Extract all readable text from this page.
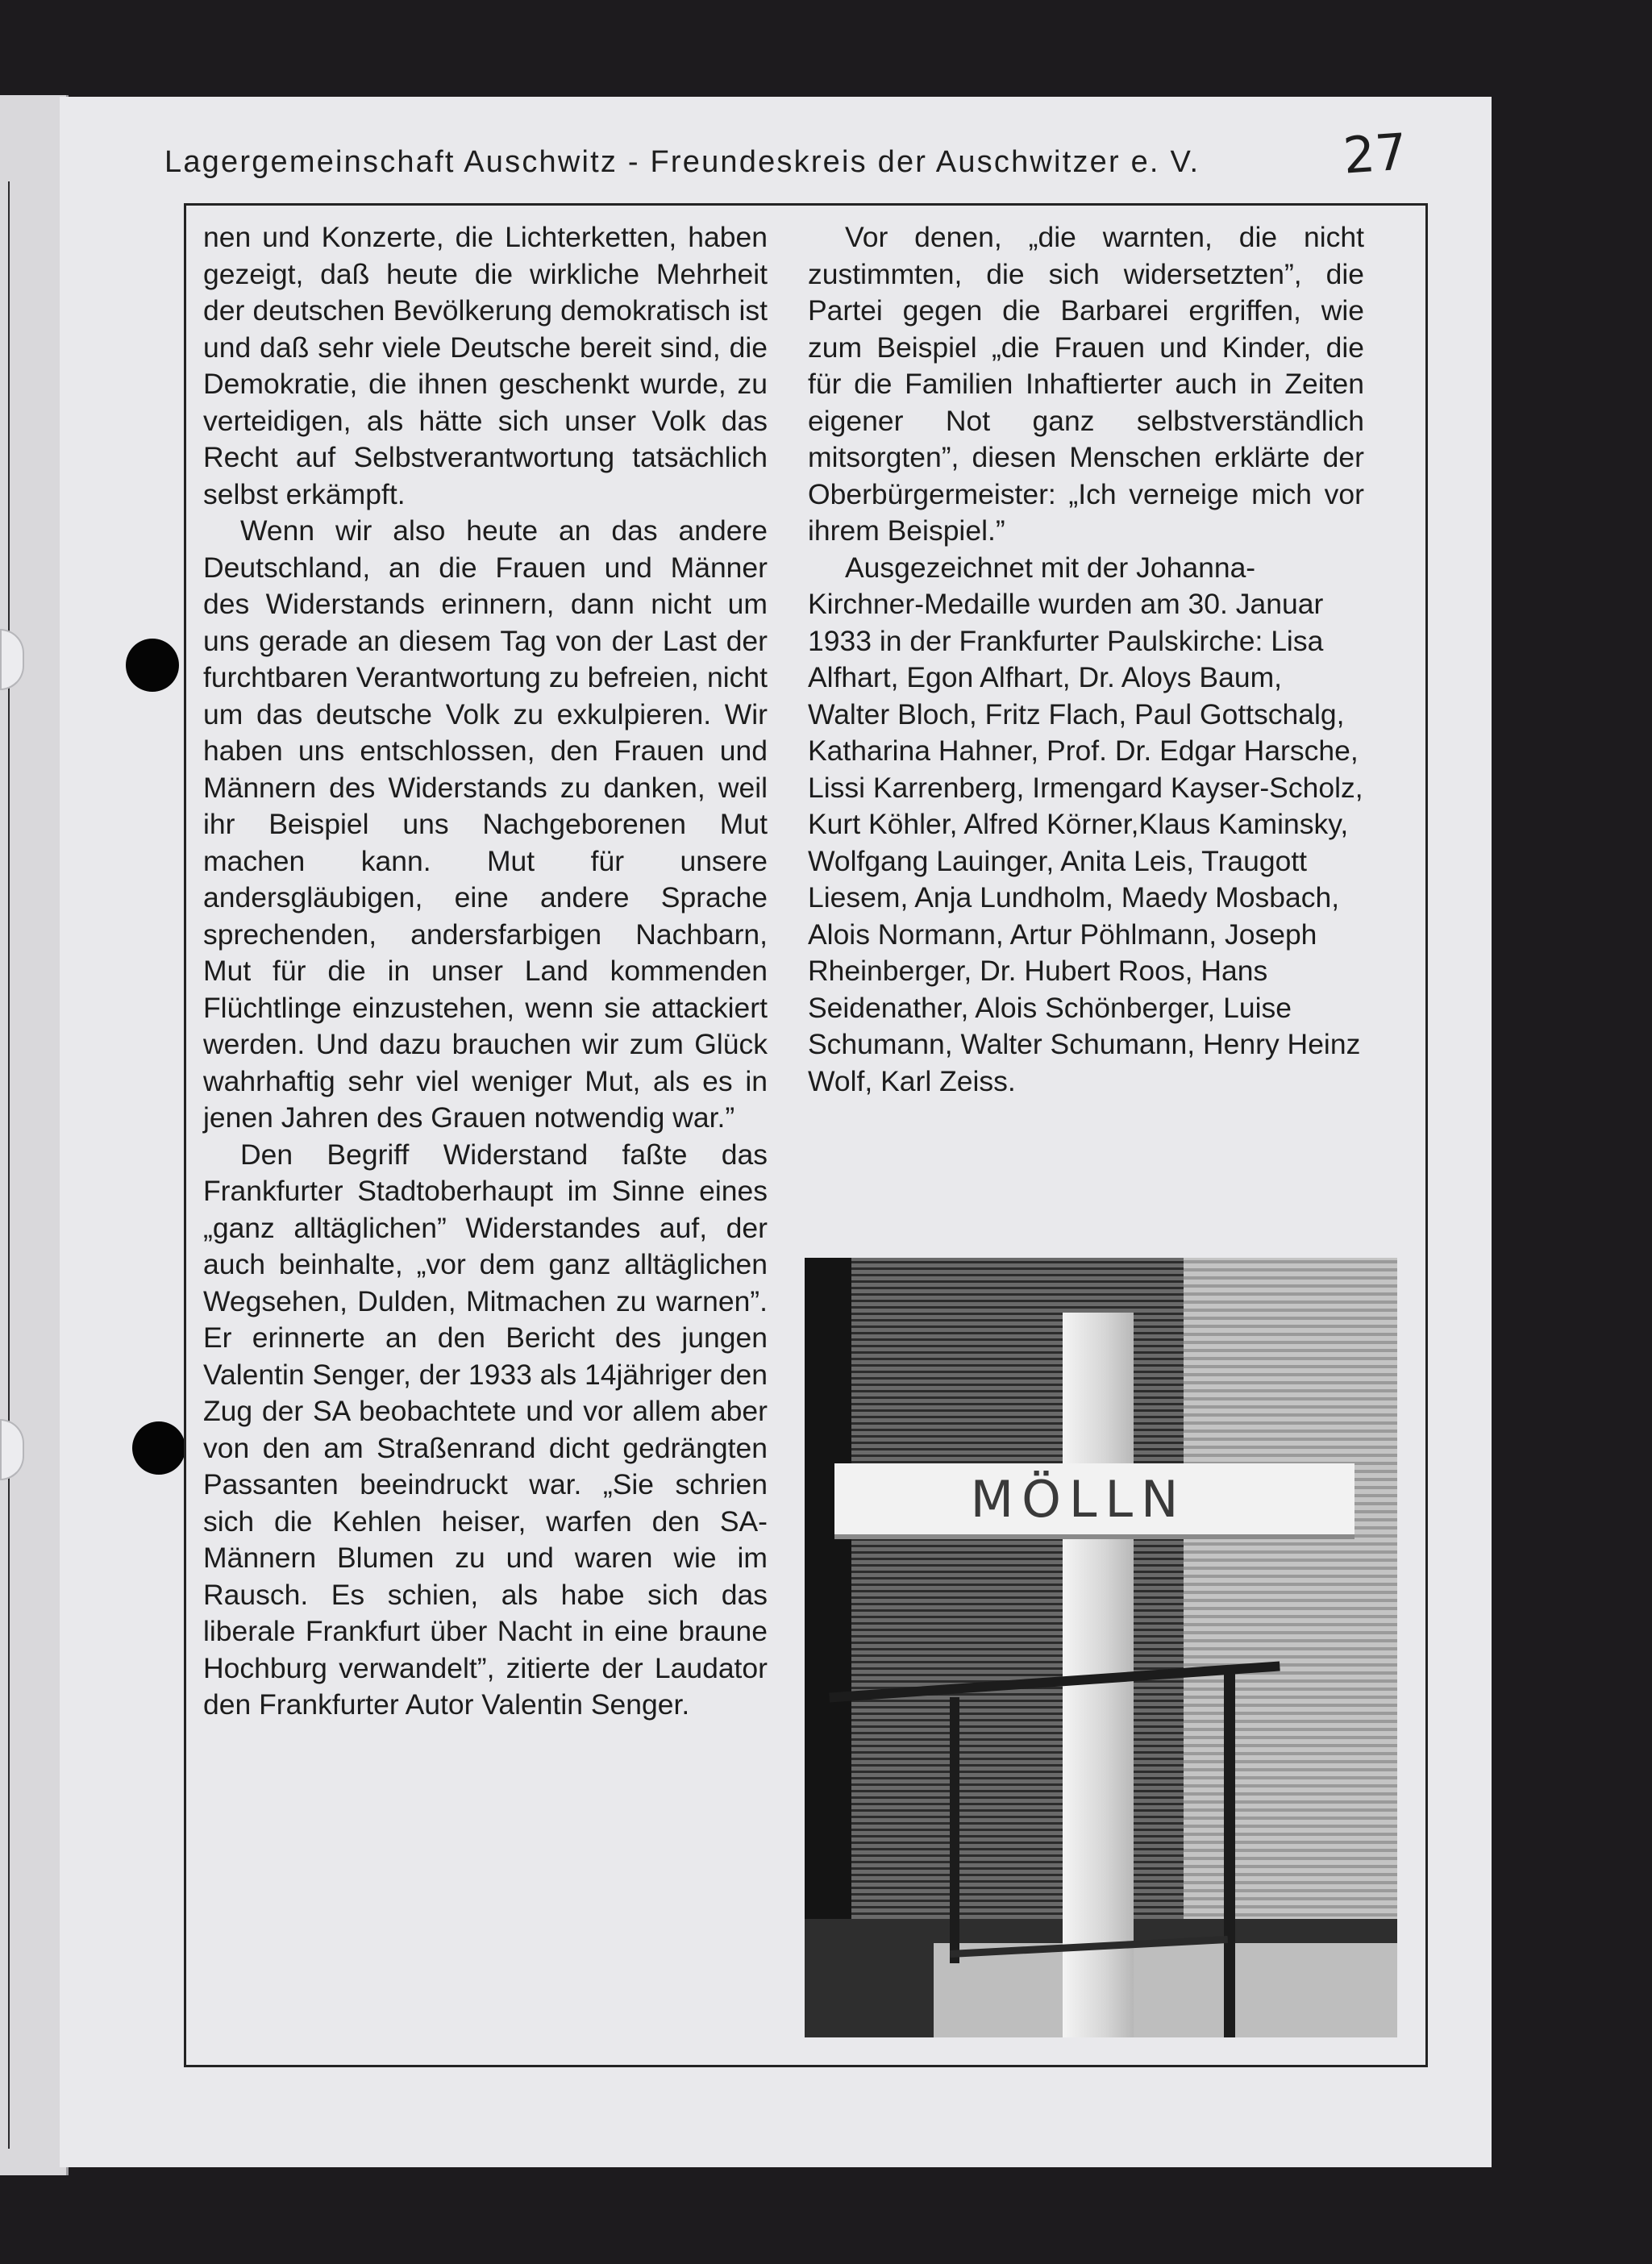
Lagergemeinschaft Auschwitz - Freundeskreis der Auschwitzer e. V.	27

nen und Konzerte, die Lichterketten, haben gezeigt, daß heute die wirkliche Mehrheit der deutschen Bevölkerung demokratisch ist und daß sehr viele Deutsche bereit sind, die Demokratie, die ihnen geschenkt wurde, zu verteidigen, als hätte sich unser Volk das Recht auf Selbstverantwortung tatsächlich selbst erkämpft.

Wenn wir also heute an das andere Deutschland, an die Frauen und Männer des Widerstands erinnern, dann nicht um uns gerade an diesem Tag von der Last der furchtbaren Verantwortung zu befreien, nicht um das deutsche Volk zu exkulpieren. Wir haben uns entschlossen, den Frauen und Männern des Widerstands zu danken, weil ihr Beispiel uns Nachgeborenen Mut machen kann. Mut für unsere andersgläubigen, eine andere Sprache sprechenden, andersfarbigen Nachbarn, Mut für die in unser Land kommenden Flüchtlinge einzustehen, wenn sie attackiert werden. Und dazu brauchen wir zum Glück wahrhaftig sehr viel weniger Mut, als es in jenen Jahren des Grauen notwendig war.”

Den Begriff Widerstand faßte das Frankfurter Stadtoberhaupt im Sinne eines „ganz alltäglichen” Widerstandes auf, der auch beinhalte, „vor dem ganz alltäglichen Wegsehen, Dulden, Mitmachen zu warnen”. Er erinnerte an den Bericht des jungen Valentin Senger, der 1933 als 14jähriger den Zug der SA beobachtete und vor allem aber von den am Straßenrand dicht gedrängten Passanten beeindruckt war. „Sie schrien sich die Kehlen heiser, warfen den SA-Männern Blumen zu und waren wie im Rausch. Es schien, als habe sich das liberale Frankfurt über Nacht in eine braune Hochburg verwandelt”, zitierte der Laudator den Frankfurter Autor Valentin Senger.

Vor denen, „die warnten, die nicht zustimmten, die sich widersetzten”, die Partei gegen die Barbarei ergriffen, wie zum Beispiel „die Frauen und Kinder, die für die Familien Inhaftierter auch in Zeiten eigener Not ganz selbstverständlich mitsorgten”, diesen Menschen erklärte der Oberbürgermeister: „Ich verneige mich vor ihrem Beispiel.”

Ausgezeichnet mit der Johanna-Kirchner-Medaille wurden am 30. Januar 1933 in der Frankfurter Paulskirche: Lisa Alfhart, Egon Alfhart, Dr. Aloys Baum, Walter Bloch, Fritz Flach, Paul Gottschalg, Katharina Hahner, Prof. Dr. Edgar Harsche, Lissi Karrenberg, Irmengard Kayser-Scholz, Kurt Köhler, Alfred Körner,Klaus Kaminsky, Wolfgang Lauinger, Anita Leis, Traugott Liesem, Anja Lundholm, Maedy Mosbach, Alois Normann, Artur Pöhlmann, Joseph Rheinberger, Dr. Hubert Roos, Hans Seidenather, Alois Schönberger, Luise Schumann, Walter Schumann, Henry Heinz Wolf, Karl Zeiss.

MÖLLN
